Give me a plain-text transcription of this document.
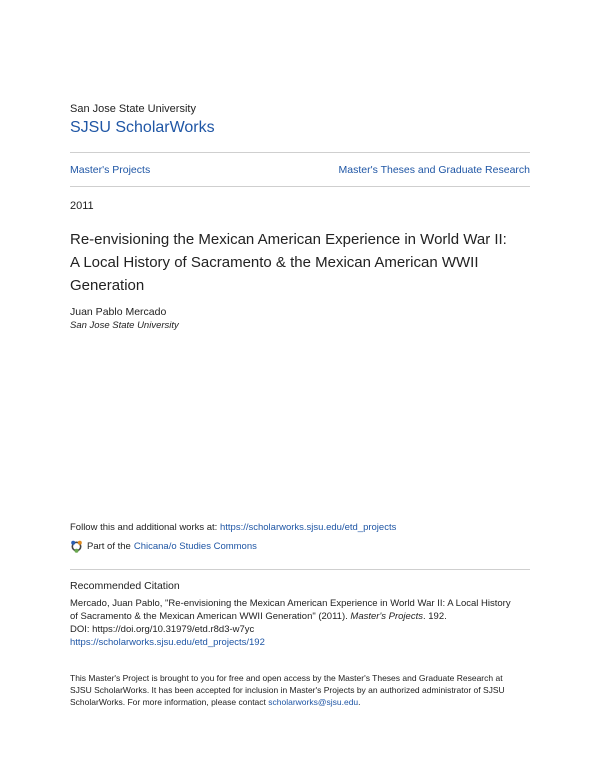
San Jose State University
SJSU ScholarWorks
Master's Projects	Master's Theses and Graduate Research
2011
Re-envisioning the Mexican American Experience in World War II:
A Local History of Sacramento & the Mexican American WWII
Generation
Juan Pablo Mercado
San Jose State University
Follow this and additional works at: https://scholarworks.sjsu.edu/etd_projects
Part of the Chicana/o Studies Commons
Recommended Citation
Mercado, Juan Pablo, "Re-envisioning the Mexican American Experience in World War II: A Local History
of Sacramento & the Mexican American WWII Generation" (2011). Master's Projects. 192.
DOI: https://doi.org/10.31979/etd.r8d3-w7yc
https://scholarworks.sjsu.edu/etd_projects/192
This Master's Project is brought to you for free and open access by the Master's Theses and Graduate Research at
SJSU ScholarWorks. It has been accepted for inclusion in Master's Projects by an authorized administrator of SJSU
ScholarWorks. For more information, please contact scholarworks@sjsu.edu.
